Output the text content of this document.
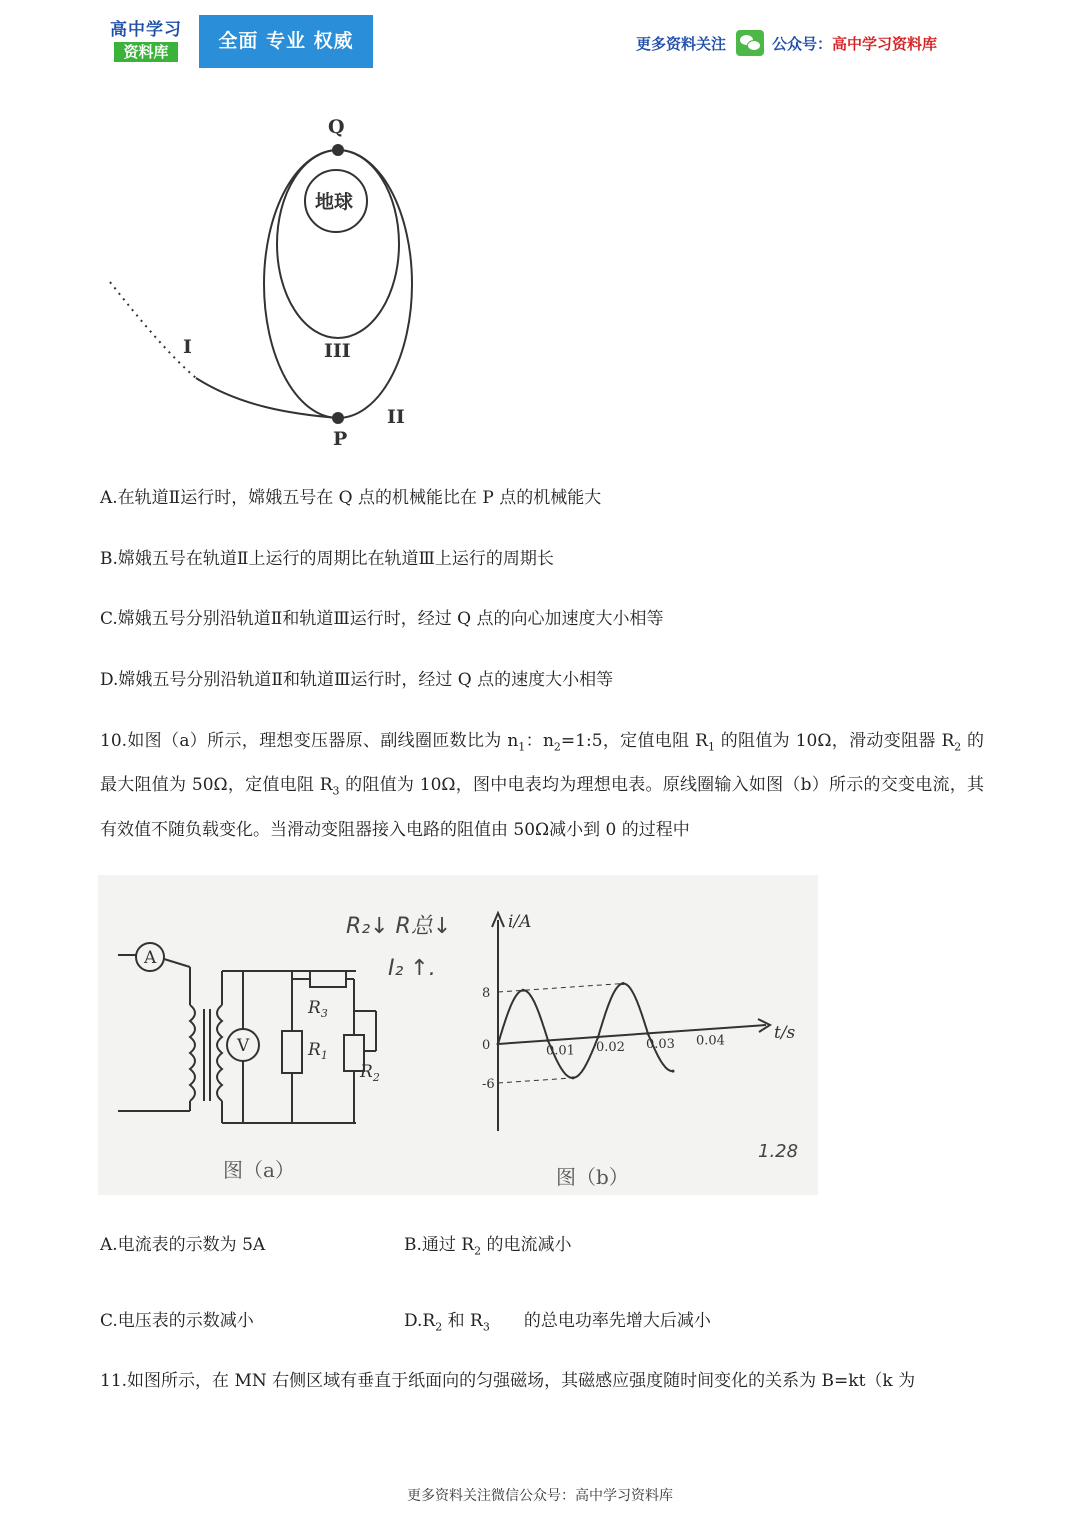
高中学习
资料库	全面 专业 权威	更多资料关注	公众号： 高中学习资料库
Q
P
地球
I
II
III
A.在轨道Ⅱ运行时，嫦娥五号在 Q 点的机械能比在 P 点的机械能大
B.嫦娥五号在轨道Ⅱ上运行的周期比在轨道Ⅲ上运行的周期长
C.嫦娥五号分别沿轨道Ⅱ和轨道Ⅲ运行时，经过 Q 点的向心加速度大小相等
D.嫦娥五号分别沿轨道Ⅱ和轨道Ⅲ运行时，经过 Q 点的速度大小相等
10.如图（a）所示，理想变压器原、副线圈匝数比为 $n_1$：$n_2=1:5$，定值电阻 $R_1$ 的阻值为 10Ω，滑动变阻器 $R_2$ 的最大阻值为 50Ω，定值电阻 $R_3$ 的阻值为 10Ω，图中电表均为理想电表。原线圈输入如图（b）所示的交变电流，其有效值不随负载变化。当滑动变阻器接入电路的阻值由 50Ω减小到 0 的过程中
A
V
$R_3$
$R_1$
$R_2$
图（a）	图（b）
R₂↓ R总↓
I₂ ↑.
1.28
8
0
-6
0.01 0.02 0.03 0.04
i/A
t/s
A.电流表的示数为 5A	B.通过 $R_2$ 的电流减小
C.电压表的示数减小	$D.R_2$ 和 $R_3$ 的总电功率先增大后减小
11.如图所示，在 MN 右侧区域有垂直于纸面向的匀强磁场，其磁感应强度随时间变化的关系为 B=kt（k 为
更多资料关注微信公众号：高中学习资料库
